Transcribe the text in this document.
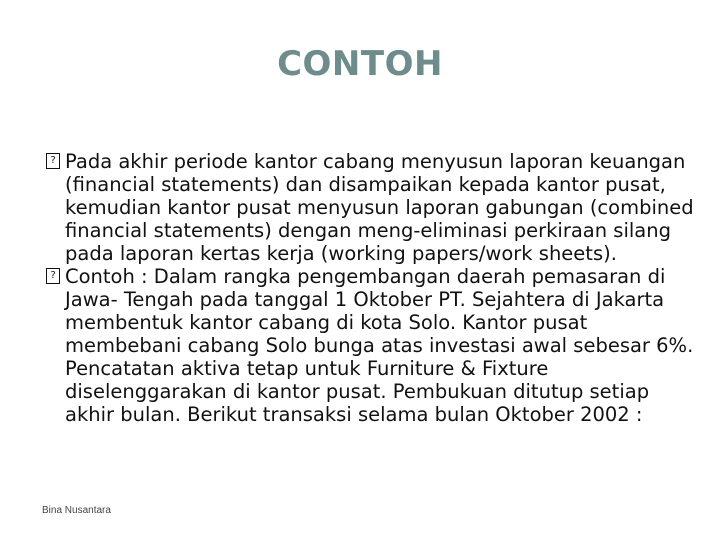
CONTOH

? Pada akhir periode kantor cabang menyusun laporan keuangan (financial statements) dan disampaikan kepada kantor pusat, kemudian kantor pusat menyusun laporan gabungan (combined financial statements) dengan meng-eliminasi perkiraan silang pada laporan kertas kerja (working papers/work sheets).

? Contoh : Dalam rangka pengembangan daerah pemasaran di Jawa- Tengah pada tanggal 1 Oktober PT. Sejahtera di Jakarta membentuk kantor cabang di kota Solo. Kantor pusat membebani cabang Solo bunga atas investasi awal sebesar 6%. Pencatatan aktiva tetap untuk Furniture & Fixture diselenggarakan di kantor pusat. Pembukuan ditutup setiap akhir bulan. Berikut transaksi selama bulan Oktober 2002 :

Bina Nusantara
